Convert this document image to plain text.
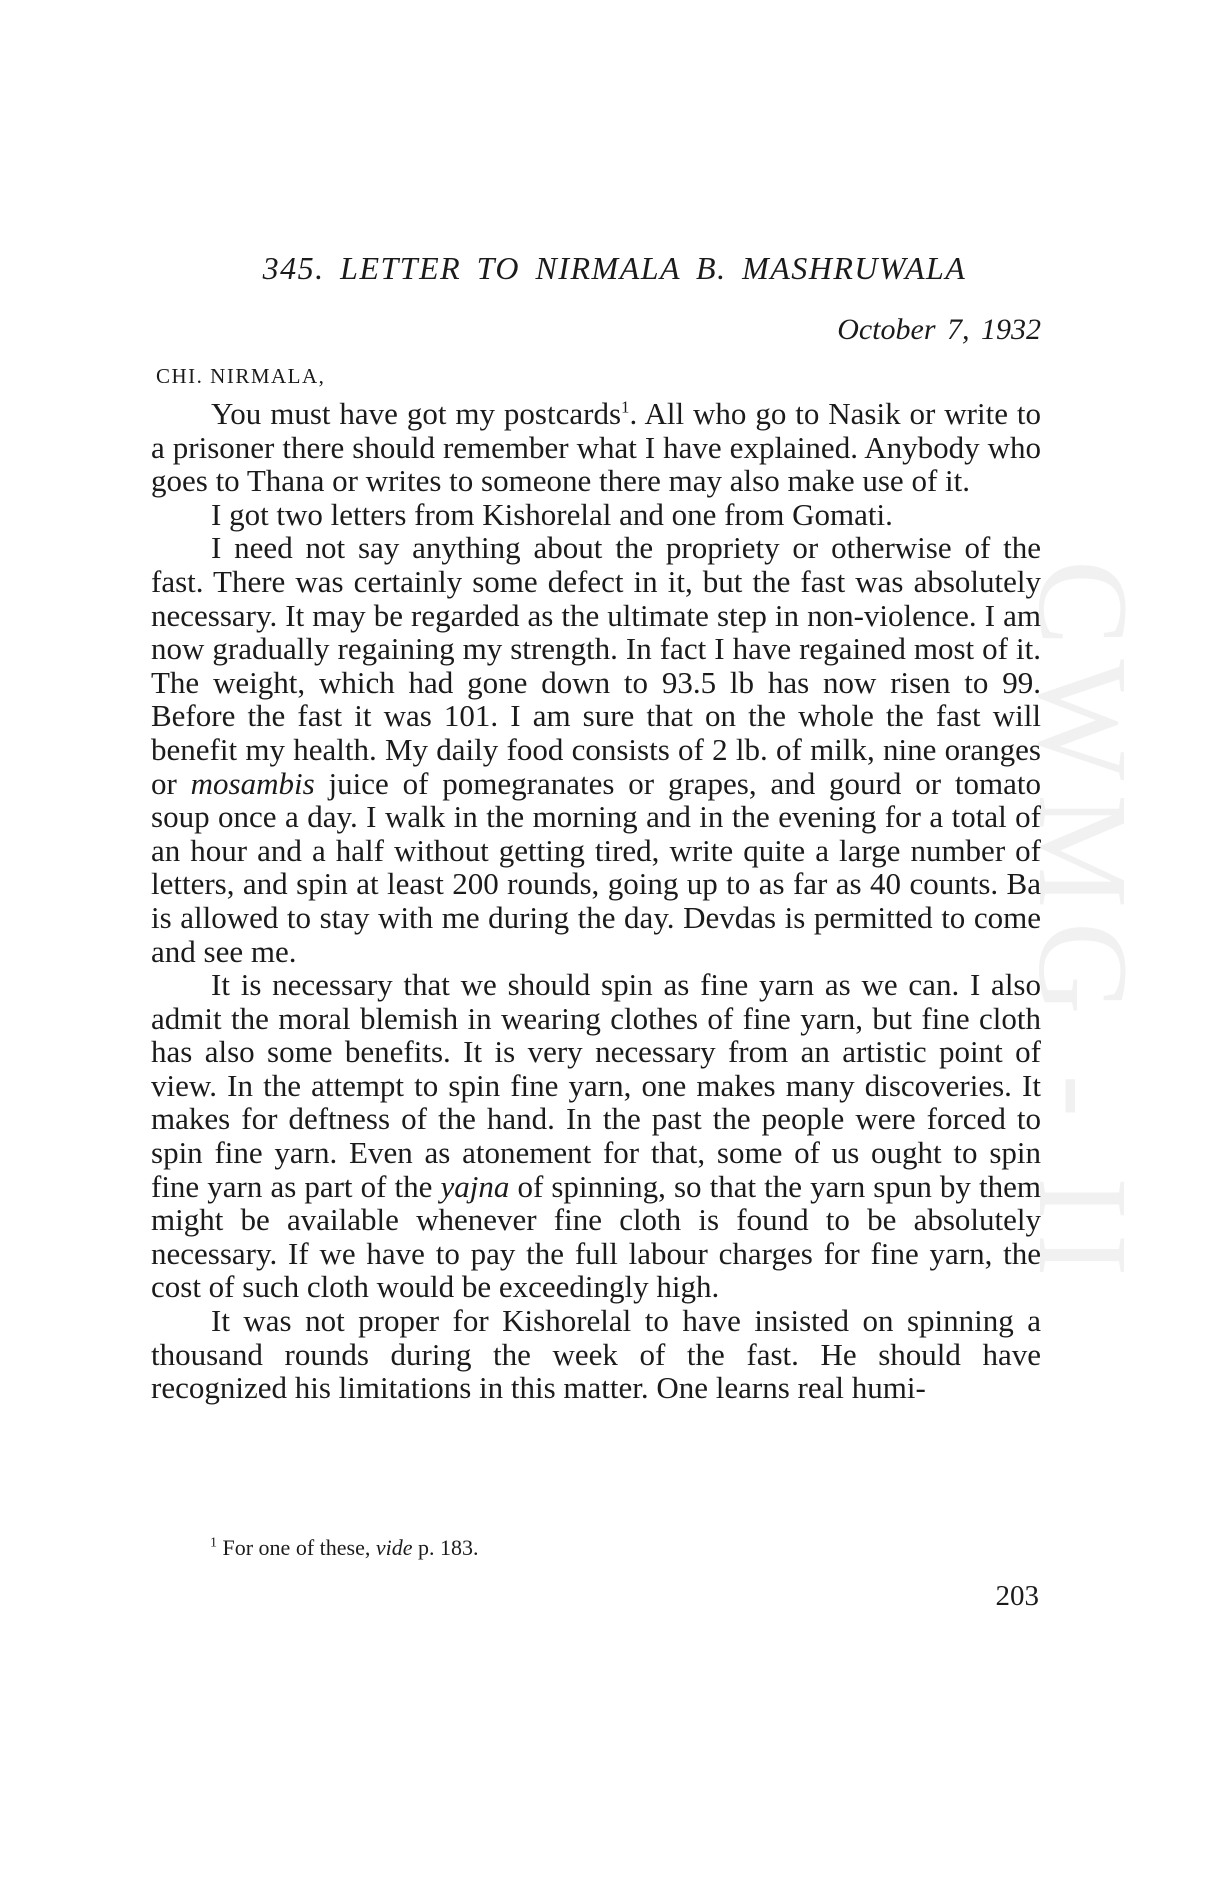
CWMG - II
345. LETTER TO NIRMALA B. MASHRUWALA
October 7, 1932
CHI. NIRMALA,

You must have got my postcards$^1$. All who go to Nasik or write to a prisoner there should remember what I have explained. Anybody who goes to Thana or writes to someone there may also make use of it.

I got two letters from Kishorelal and one from Gomati.

I need not say anything about the propriety or otherwise of the fast. There was certainly some defect in it, but the fast was absolutely necessary. It may be regarded as the ultimate step in non-violence. I am now gradually regaining my strength. In fact I have regained most of it. The weight, which had gone down to 93.5 lb has now risen to 99. Before the fast it was 101. I am sure that on the whole the fast will benefit my health. My daily food consists of 2 lb. of milk, nine oranges or mosambis juice of pomegranates or grapes, and gourd or tomato soup once a day. I walk in the morning and in the evening for a total of an hour and a half without getting tired, write quite a large number of letters, and spin at least 200 rounds, going up to as far as 40 counts. Ba is allowed to stay with me during the day. Devdas is permitted to come and see me.

It is necessary that we should spin as fine yarn as we can. I also admit the moral blemish in wearing clothes of fine yarn, but fine cloth has also some benefits. It is very necessary from an artistic point of view. In the attempt to spin fine yarn, one makes many discoveries. It makes for deftness of the hand. In the past the people were forced to spin fine yarn. Even as atonement for that, some of us ought to spin fine yarn as part of the yajna of spinning, so that the yarn spun by them might be available whenever fine cloth is found to be absolutely necessary. If we have to pay the full labour charges for fine yarn, the cost of such cloth would be exceedingly high.

It was not proper for Kishorelal to have insisted on spinning a thousand rounds during the week of the fast. He should have recognized his limitations in this matter. One learns real humi-

$^1$ For one of these, vide p. 183.
203
